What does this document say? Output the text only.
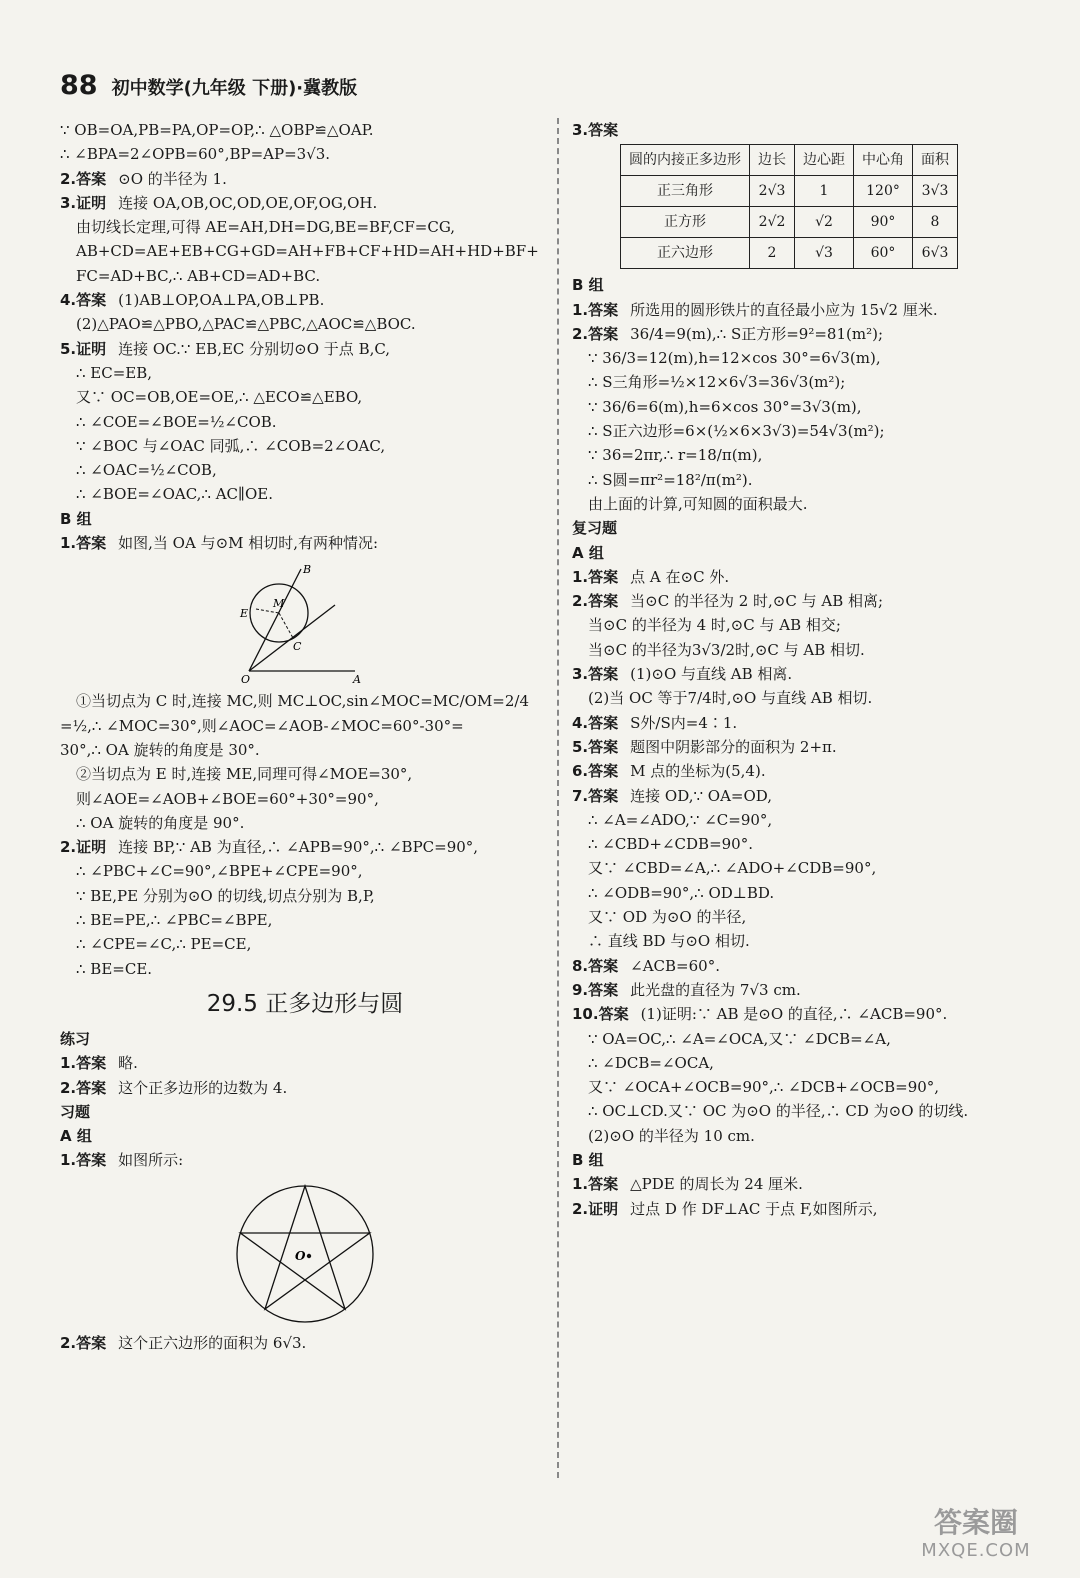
88 初中数学(九年级 下册)·冀教版
∵ OB=OA,PB=PA,OP=OP,∴ △OBP≌△OAP.
∴ ∠BPA=2∠OPB=60°,BP=AP=3√3.
2.答案 ⊙O 的半径为 1.
3.证明 连接 OA,OB,OC,OD,OE,OF,OG,OH.
由切线长定理,可得 AE=AH,DH=DG,BE=BF,CF=CG,
AB+CD=AE+EB+CG+GD=AH+FB+CF+HD=AH+HD+BF+
FC=AD+BC,∴ AB+CD=AD+BC.
4.答案 (1)AB⊥OP,OA⊥PA,OB⊥PB.
(2)△PAO≌△PBO,△PAC≌△PBC,△AOC≌△BOC.
5.证明 连接 OC.∵ EB,EC 分别切⊙O 于点 B,C,
∴ EC=EB,
又∵ OC=OB,OE=OE,∴ △ECO≌△EBO,
∴ ∠COE=∠BOE=½∠COB.
∵ ∠BOC 与∠OAC 同弧,∴ ∠COB=2∠OAC,
∴ ∠OAC=½∠COB,
∴ ∠BOE=∠OAC,∴ AC∥OE.
B 组
1.答案 如图,当 OA 与⊙M 相切时,有两种情况:
B
M
E
C
O	A
①当切点为 C 时,连接 MC,则 MC⊥OC,sin∠MOC=MC/OM=2/4
=½,∴ ∠MOC=30°,则∠AOC=∠AOB-∠MOC=60°-30°=
30°,∴ OA 旋转的角度是 30°.
②当切点为 E 时,连接 ME,同理可得∠MOE=30°,
则∠AOE=∠AOB+∠BOE=60°+30°=90°,
∴ OA 旋转的角度是 90°.
2.证明 连接 BP,∵ AB 为直径,∴ ∠APB=90°,∴ ∠BPC=90°,
∴ ∠PBC+∠C=90°,∠BPE+∠CPE=90°,
∵ BE,PE 分别为⊙O 的切线,切点分别为 B,P,
∴ BE=PE,∴ ∠PBC=∠BPE,
∴ ∠CPE=∠C,∴ PE=CE,
∴ BE=CE.
29.5 正多边形与圆
练习
1.答案 略.
2.答案 这个正多边形的边数为 4.
习题
A 组
1.答案 如图所示:
O
2.答案 这个正六边形的面积为 6√3.
3.答案
圆的内接正多边形	边长	边心距	中心角	面积
正三角形	2√3	1	120°	3√3
正方形	2√2	√2	90°	8
正六边形	2	√3	60°	6√3
B 组
1.答案 所选用的圆形铁片的直径最小应为 15√2 厘米.
2.答案 36/4=9(m),∴ S正方形=9²=81(m²);
∵ 36/3=12(m),h=12×cos 30°=6√3(m),
∴ S三角形=½×12×6√3=36√3(m²);
∵ 36/6=6(m),h=6×cos 30°=3√3(m),
∴ S正六边形=6×(½×6×3√3)=54√3(m²);
∵ 36=2πr,∴ r=18/π(m),
∴ S圆=πr²=18²/π(m²).
由上面的计算,可知圆的面积最大.
复习题
A 组
1.答案 点 A 在⊙C 外.
2.答案 当⊙C 的半径为 2 时,⊙C 与 AB 相离;
当⊙C 的半径为 4 时,⊙C 与 AB 相交;
当⊙C 的半径为3√3/2时,⊙C 与 AB 相切.
3.答案 (1)⊙O 与直线 AB 相离.
(2)当 OC 等于7/4时,⊙O 与直线 AB 相切.
4.答案 S外/S内=4∶1.
5.答案 题图中阴影部分的面积为 2+π.
6.答案 M 点的坐标为(5,4).
7.答案 连接 OD,∵ OA=OD,
∴ ∠A=∠ADO,∵ ∠C=90°,
∴ ∠CBD+∠CDB=90°.
又∵ ∠CBD=∠A,∴ ∠ADO+∠CDB=90°,
∴ ∠ODB=90°,∴ OD⊥BD.
又∵ OD 为⊙O 的半径,
∴ 直线 BD 与⊙O 相切.
8.答案 ∠ACB=60°.
9.答案 此光盘的直径为 7√3 cm.
10.答案 (1)证明:∵ AB 是⊙O 的直径,∴ ∠ACB=90°.
∵ OA=OC,∴ ∠A=∠OCA,又∵ ∠DCB=∠A,
∴ ∠DCB=∠OCA,
又∵ ∠OCA+∠OCB=90°,∴ ∠DCB+∠OCB=90°,
∴ OC⊥CD.又∵ OC 为⊙O 的半径,∴ CD 为⊙O 的切线.
(2)⊙O 的半径为 10 cm.
B 组
1.答案 △PDE 的周长为 24 厘米.
2.证明 过点 D 作 DF⊥AC 于点 F,如图所示,
答案圈
MXQE.COM
